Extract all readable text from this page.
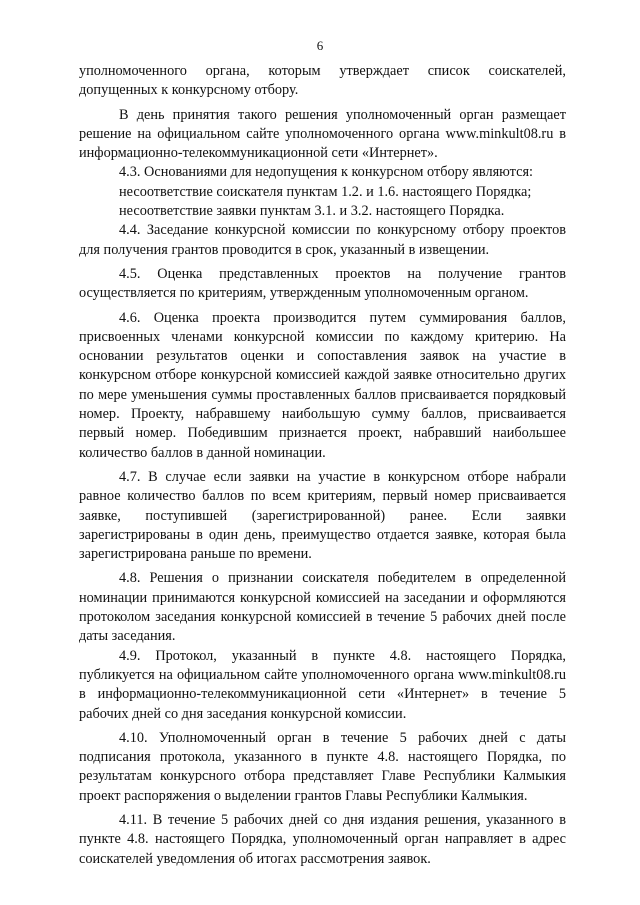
6

уполномоченного органа, которым утверждает список соискателей, допущенных к конкурсному отбору.

В день принятия такого решения уполномоченный орган размещает решение на официальном сайте уполномоченного органа www.minkult08.ru в информационно-телекоммуникационной сети «Интернет».

4.3. Основаниями для недопущения к конкурсном отбору являются:

несоответствие соискателя пунктам 1.2. и 1.6. настоящего Порядка;

несоответствие заявки пунктам 3.1. и 3.2. настоящего Порядка.

4.4. Заседание конкурсной комиссии по конкурсному отбору проектов для получения грантов проводится в срок, указанный в извещении.

4.5. Оценка представленных проектов на получение грантов осуществляется по критериям, утвержденным уполномоченным органом.

4.6. Оценка проекта производится путем суммирования баллов, присвоенных членами конкурсной комиссии по каждому критерию. На основании результатов оценки и сопоставления заявок на участие в конкурсном отборе конкурсной комиссией каждой заявке относительно других по мере уменьшения суммы проставленных баллов присваивается порядковый номер. Проекту, набравшему наибольшую сумму баллов, присваивается первый номер. Победившим признается проект, набравший наибольшее количество баллов в данной номинации.

4.7. В случае если заявки на участие в конкурсном отборе набрали равное количество баллов по всем критериям, первый номер присваивается заявке, поступившей (зарегистрированной) ранее. Если заявки зарегистрированы в один день, преимущество отдается заявке, которая была зарегистрирована раньше по времени.

4.8. Решения о признании соискателя победителем в определенной номинации принимаются конкурсной комиссией на заседании и оформляются протоколом заседания конкурсной комиссией в течение 5 рабочих дней после даты заседания.

4.9. Протокол, указанный в пункте 4.8. настоящего Порядка, публикуется на официальном сайте уполномоченного органа www.minkult08.ru в информационно-телекоммуникационной сети «Интернет» в течение 5 рабочих дней со дня заседания конкурсной комиссии.

4.10. Уполномоченный орган в течение 5 рабочих дней с даты подписания протокола, указанного в пункте 4.8. настоящего Порядка, по результатам конкурсного отбора представляет Главе Республики Калмыкия проект распоряжения о выделении грантов Главы Республики Калмыкия.

4.11. В течение 5 рабочих дней со дня издания решения, указанного в пункте 4.8. настоящего Порядка, уполномоченный орган направляет в адрес соискателей уведомления об итогах рассмотрения заявок.
